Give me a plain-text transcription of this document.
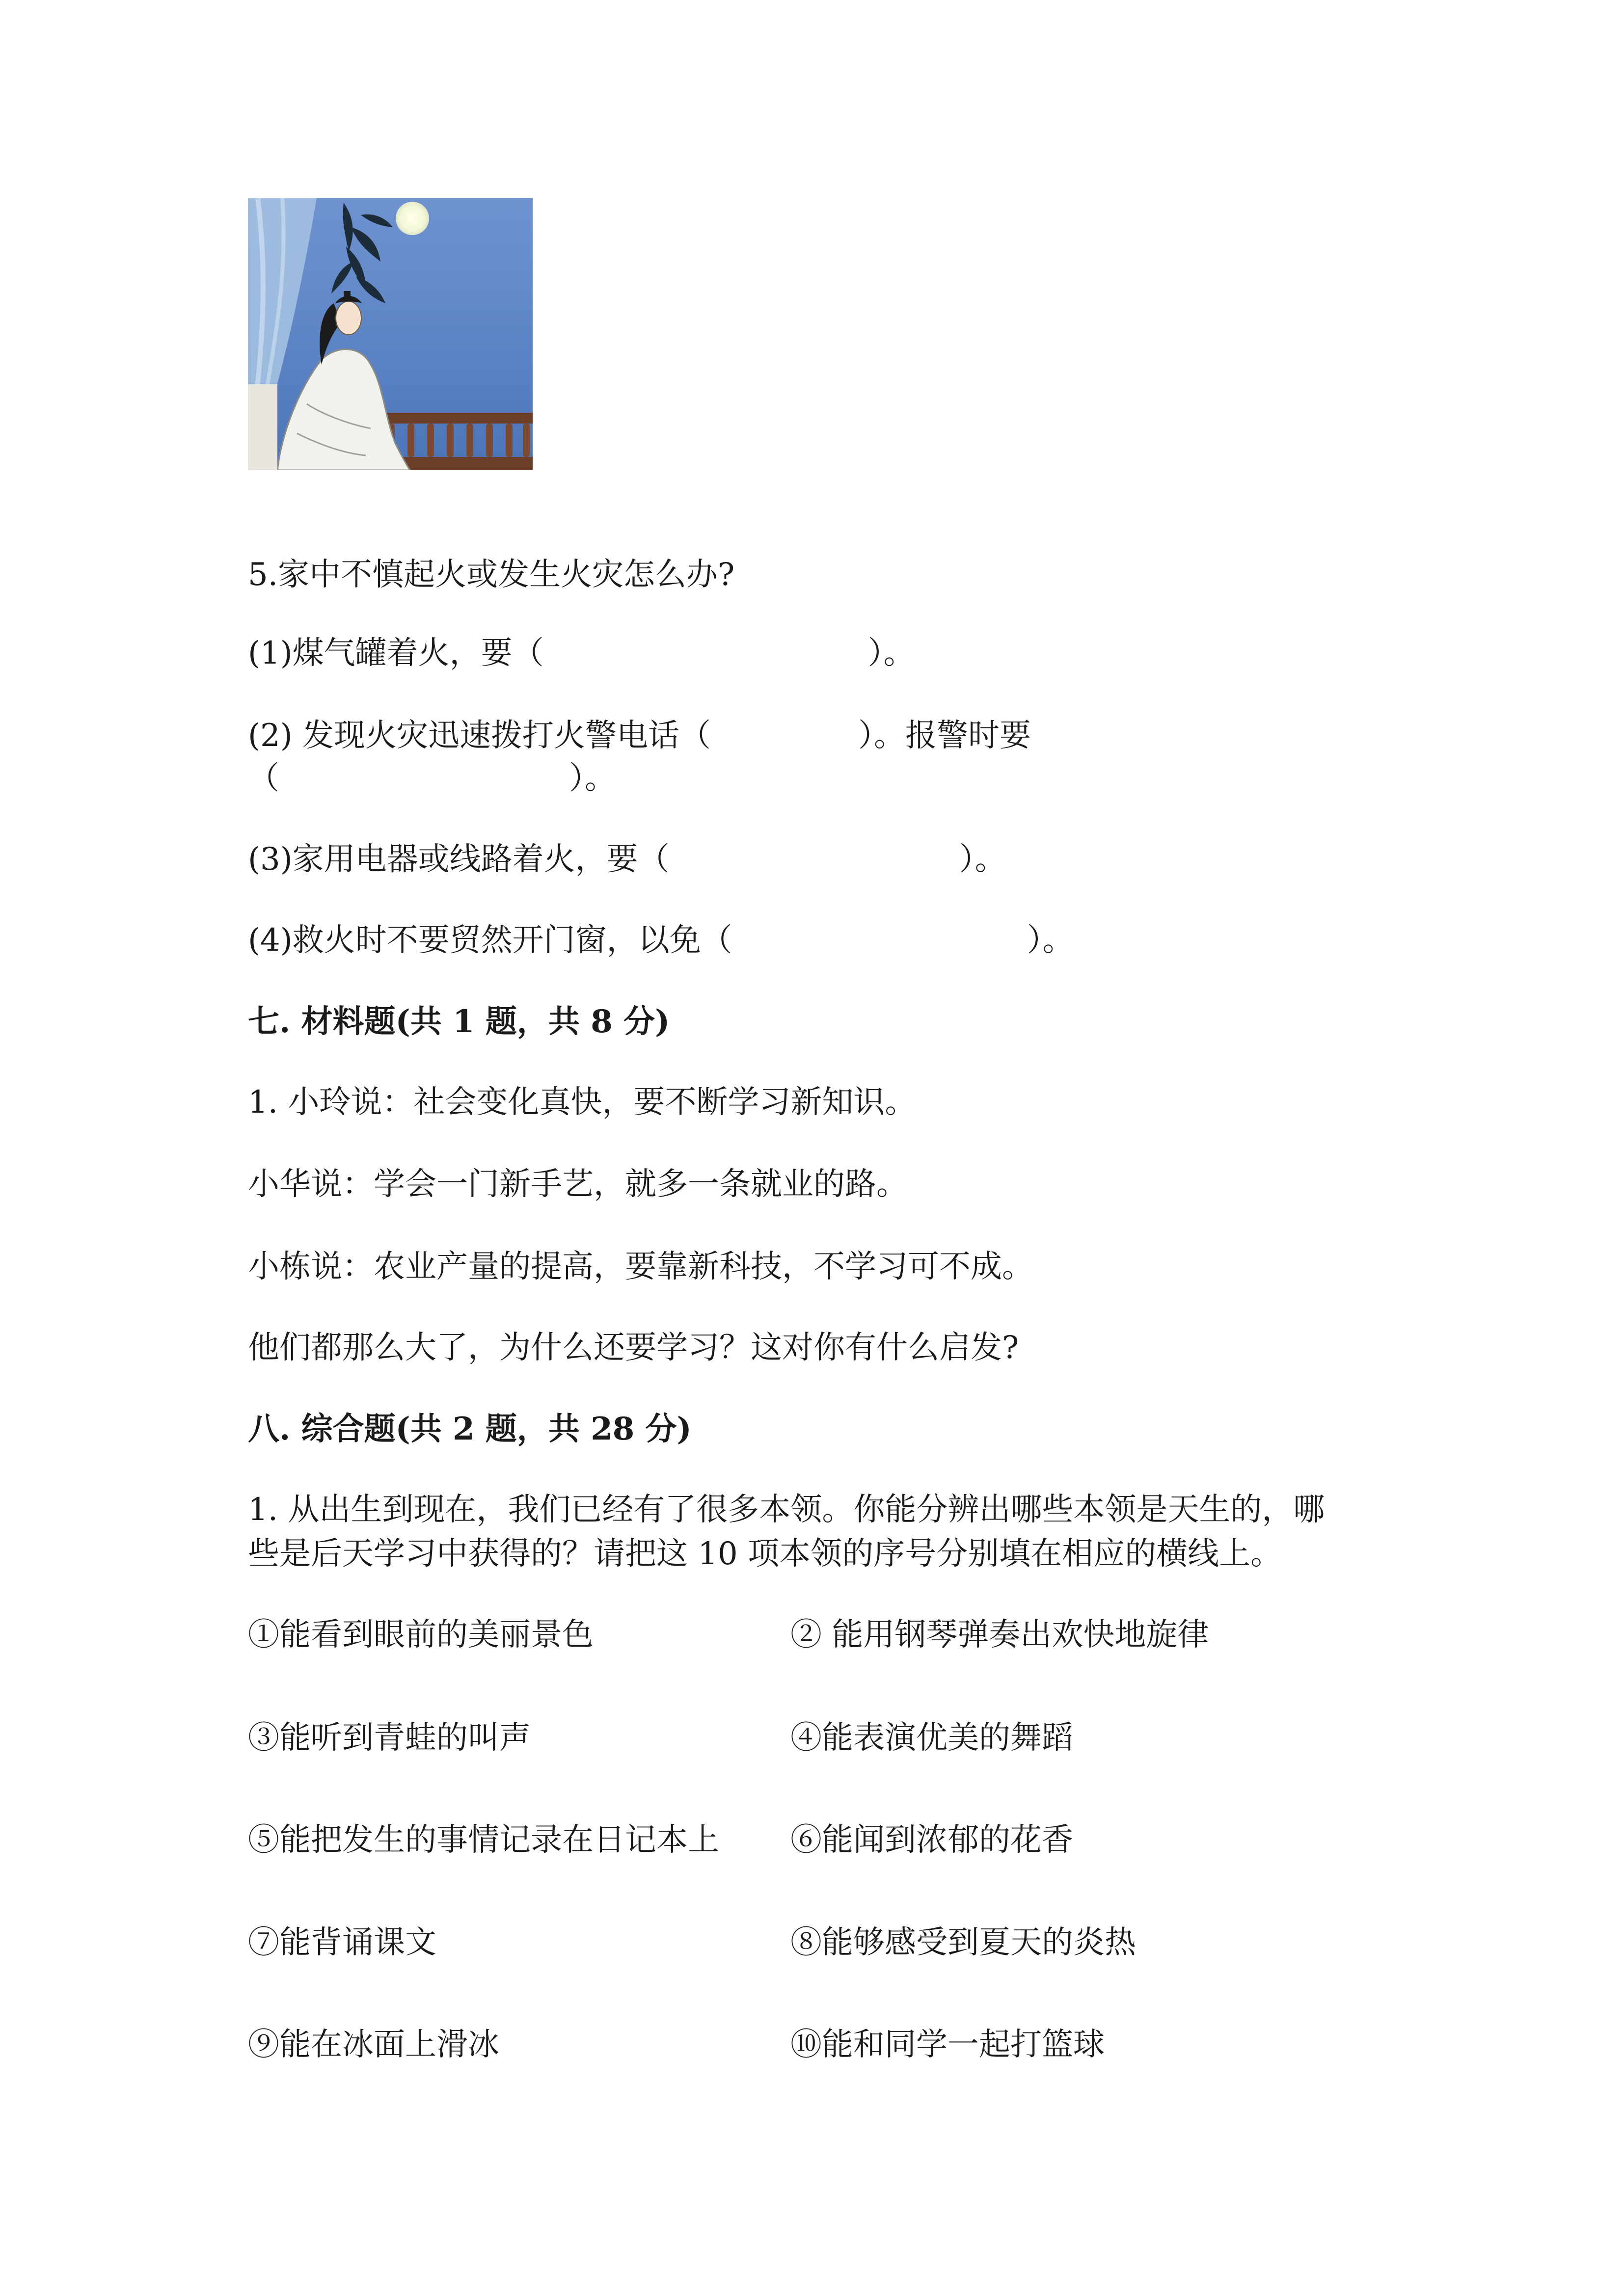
5.家中不慎起火或发生火灾怎么办?
(1)煤气罐着火，要（	）。
(2) 发现火灾迅速拨打火警电话（	）。报警时要
（	）。
(3)家用电器或线路着火，要（	）。
(4)救火时不要贸然开门窗，以免（	）。
七. 材料题(共 1 题，共 8 分)
1. 小玲说：社会变化真快，要不断学习新知识。
小华说：学会一门新手艺，就多一条就业的路。
小栋说：农业产量的提高，要靠新科技，不学习可不成。
他们都那么大了，为什么还要学习？这对你有什么启发?
八. 综合题(共 2 题，共 28 分)
1. 从出生到现在，我们已经有了很多本领。你能分辨出哪些本领是天生的，哪
些是后天学习中获得的？请把这 10 项本领的序号分别填在相应的横线上。
①能看到眼前的美丽景色	② 能用钢琴弹奏出欢快地旋律
③能听到青蛙的叫声	④能表演优美的舞蹈
⑤能把发生的事情记录在日记本上 ⑥能闻到浓郁的花香
⑦能背诵课文	⑧能够感受到夏天的炎热
⑨能在冰面上滑冰	⑩能和同学一起打篮球
